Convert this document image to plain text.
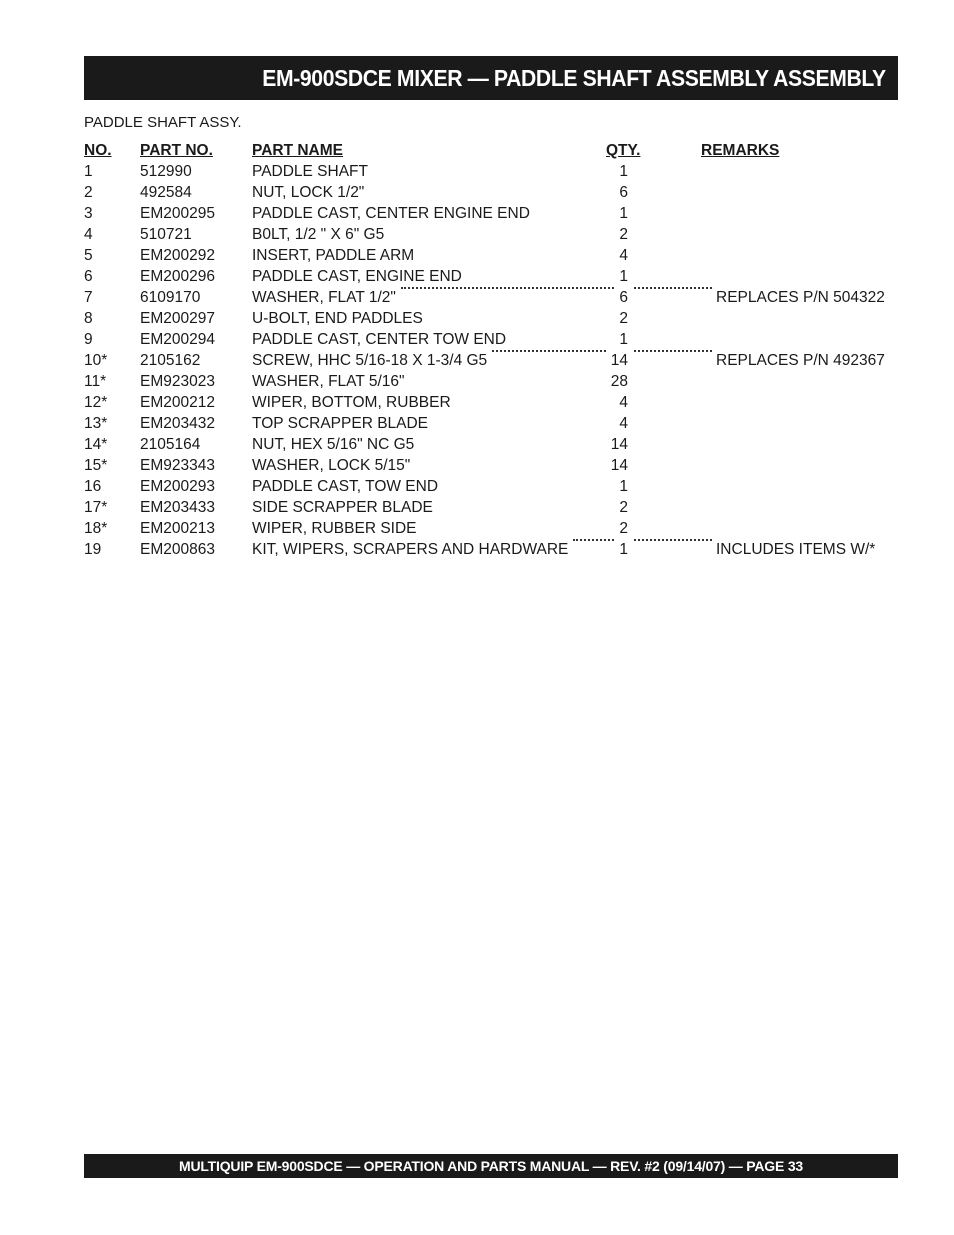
EM-900SDCE MIXER — PADDLE SHAFT ASSEMBLY ASSEMBLY
PADDLE SHAFT ASSY.
NO. PART NO.	PART NAME	QTY.	REMARKS
1	512990	PADDLE SHAFT	1
2	492584	NUT, LOCK 1/2"	6
3	EM200295 PADDLE CAST, CENTER ENGINE END	1
4	510721	B0LT, 1/2 " X 6" G5	2
5	EM200292 INSERT, PADDLE ARM	4
6	EM200296 PADDLE CAST, ENGINE END	1
7	6109170	WASHER, FLAT 1/2"	6	REPLACES P/N 504322
8	EM200297 U-BOLT, END PADDLES	2
9	EM200294 PADDLE CAST, CENTER TOW END	1
10* 2105162	SCREW, HHC 5/16-18 X 1-3/4 G5	14	REPLACES P/N 492367
11* EM923023 WASHER, FLAT 5/16"	28
12* EM200212 WIPER, BOTTOM, RUBBER	4
13* EM203432 TOP SCRAPPER BLADE	4
14* 2105164	NUT, HEX 5/16" NC G5	14
15* EM923343 WASHER, LOCK 5/15"	14
16	EM200293 PADDLE CAST, TOW END	1
17* EM203433 SIDE SCRAPPER BLADE	2
18* EM200213 WIPER, RUBBER SIDE	2
19	EM200863 KIT, WIPERS, SCRAPERS AND HARDWARE	1	INCLUDES ITEMS W/*
MULTIQUIP EM-900SDCE — OPERATION AND PARTS MANUAL — REV. #2 (09/14/07) — PAGE 33
